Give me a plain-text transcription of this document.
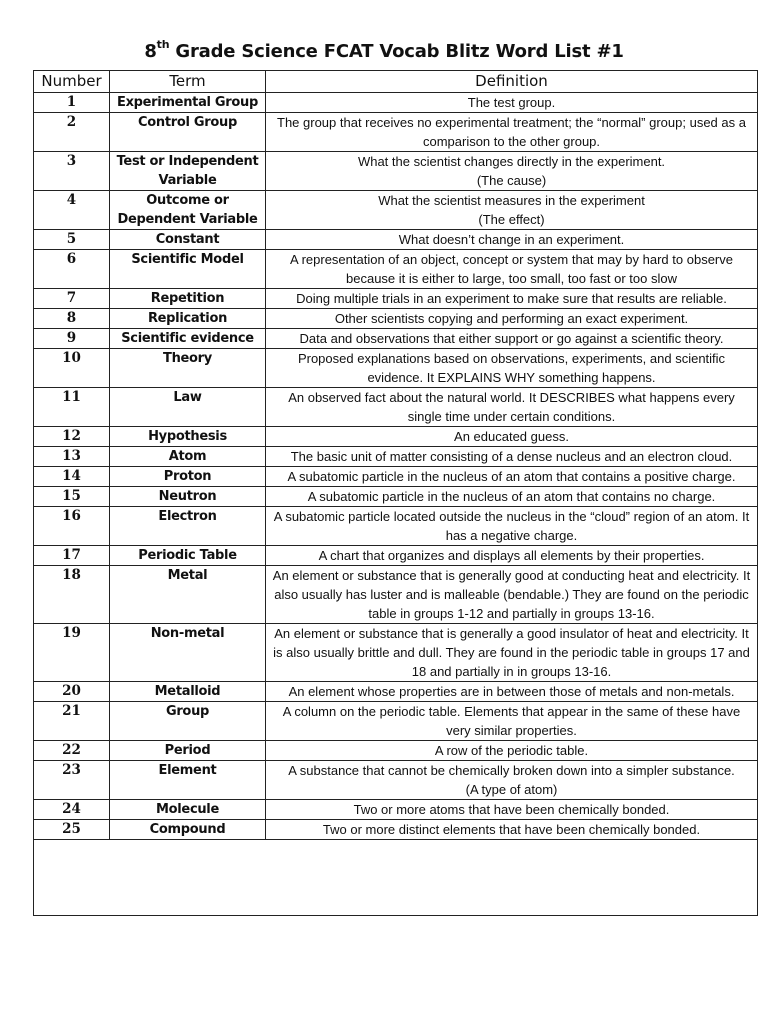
8th Grade Science FCAT Vocab Blitz Word List #1
Number	Term	Definition
1	Experimental Group	The test group.
2	Control Group	The group that receives no experimental treatment; the “normal” group; used as a comparison to the other group.
3	Test or Independent Variable	What the scientist changes directly in the experiment.
(The cause)
4	Outcome or Dependent Variable	What the scientist measures in the experiment
(The effect)
5	Constant	What doesn’t change in an experiment.
6	Scientific Model	A representation of an object, concept or system that may by hard to observe because it is either to large, too small, too fast or too slow
7	Repetition	Doing multiple trials in an experiment to make sure that results are reliable.
8	Replication	Other scientists copying and performing an exact experiment.
9	Scientific evidence	Data and observations that either support or go against a scientific theory.
10	Theory	Proposed explanations based on observations, experiments, and scientific evidence. It EXPLAINS WHY something happens.
11	Law	An observed fact about the natural world. It DESCRIBES what happens every single time under certain conditions.
12	Hypothesis	An educated guess.
13	Atom	The basic unit of matter consisting of a dense nucleus and an electron cloud.
14	Proton	A subatomic particle in the nucleus of an atom that contains a positive charge.
15	Neutron	A subatomic particle in the nucleus of an atom that contains no charge.
16	Electron	A subatomic particle located outside the nucleus in the “cloud” region of an atom. It has a negative charge.
17	Periodic Table	A chart that organizes and displays all elements by their properties.
18	Metal	An element or substance that is generally good at conducting heat and electricity. It also usually has luster and is malleable (bendable.) They are found on the periodic table in groups 1-12 and partially in groups 13-16.
19	Non-metal	An element or substance that is generally a good insulator of heat and electricity. It is also usually brittle and dull. They are found in the periodic table in groups 17 and 18 and partially in in groups 13-16.
20	Metalloid	An element whose properties are in between those of metals and non-metals.
21	Group	A column on the periodic table. Elements that appear in the same of these have very similar properties.
22	Period	A row of the periodic table.
23	Element	A substance that cannot be chemically broken down into a simpler substance.
(A type of atom)
24	Molecule	Two or more atoms that have been chemically bonded.
25	Compound	Two or more distinct elements that have been chemically bonded.
